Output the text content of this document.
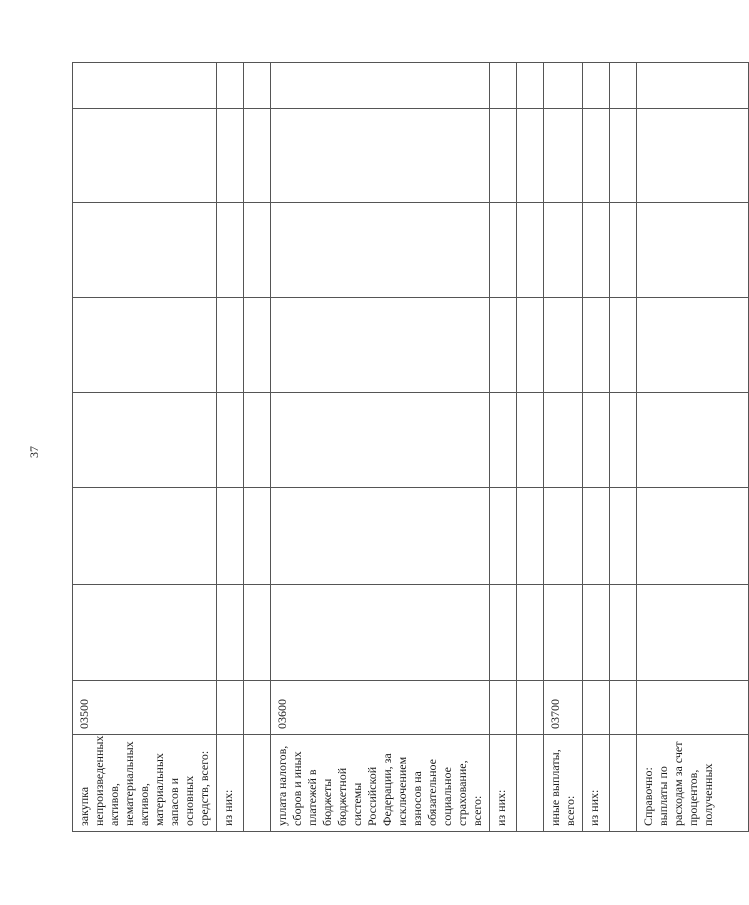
37
закупка непроизведенных активов, нематериальных активов, материальных запасов и основных средств, всего:	03500							
из них:								

уплата налогов, сборов и иных платежей в бюджеты бюджетной системы Российской Федерации, за исключением взносов на обязательное социальное страхование, всего:	03600							
из них:								

иные выплаты, всего:	03700							
из них:								

Справочно: выплаты по расходам за счет процентов, полученных								
